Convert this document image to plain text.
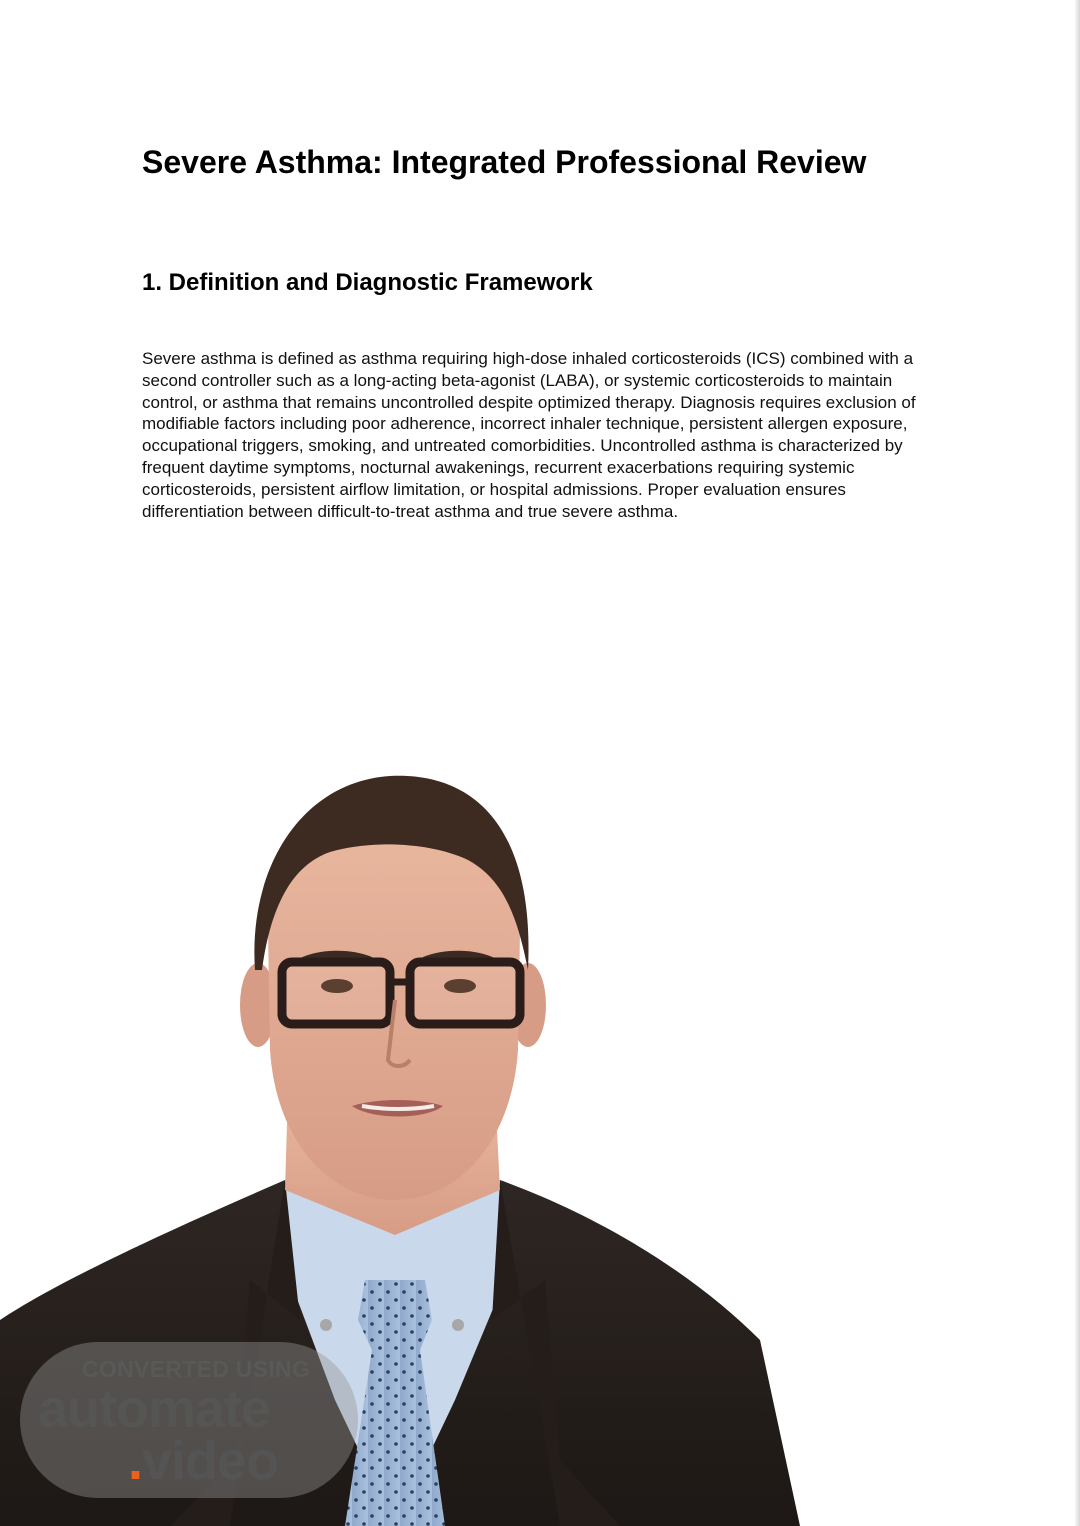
Severe Asthma: Integrated Professional Review
1. Definition and Diagnostic Framework

Severe asthma is defined as asthma requiring high-dose inhaled corticosteroids (ICS) combined with a second controller such as a long-acting beta-agonist (LABA), or systemic corticosteroids to maintain control, or asthma that remains uncontrolled despite optimized therapy. Diagnosis requires exclusion of modifiable factors including poor adherence, incorrect inhaler technique, persistent allergen exposure, occupational triggers, smoking, and untreated comorbidities. Uncontrolled asthma is characterized by frequent daytime symptoms, nocturnal awakenings, recurrent exacerbations requiring systemic corticosteroids, persistent airflow limitation, or hospital admissions. Proper evaluation ensures differentiation between difficult-to-treat asthma and true severe asthma.

CONVERTED USING
automate
.video
